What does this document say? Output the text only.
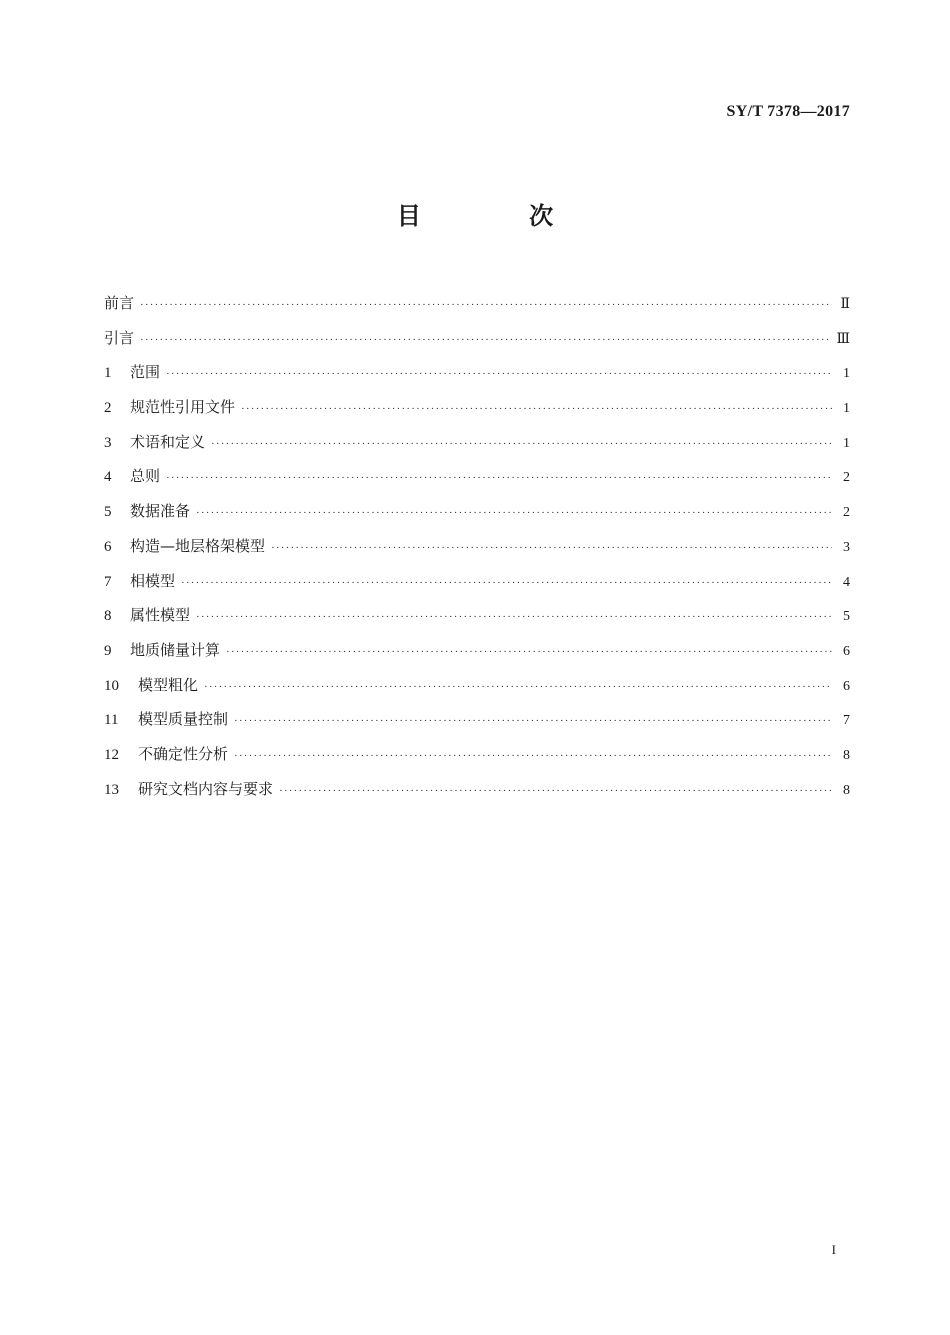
SY/T 7378—2017
目 次
前言 ·····	Ⅱ
引言 ·····	Ⅲ
1	范围 ·····	1
2	规范性引用文件 ·····	1
3	术语和定义 ·····	1
4	总则 ·····	2
5	数据准备 ·····	2
6	构造—地层格架模型 ·····	3
7	相模型 ·····	4
8	属性模型 ·····	5
9	地质储量计算 ·····	6
10	模型粗化 ·····	6
11	模型质量控制 ·····	7
12	不确定性分析 ·····	8
13	研究文档内容与要求 ·····	8
I
